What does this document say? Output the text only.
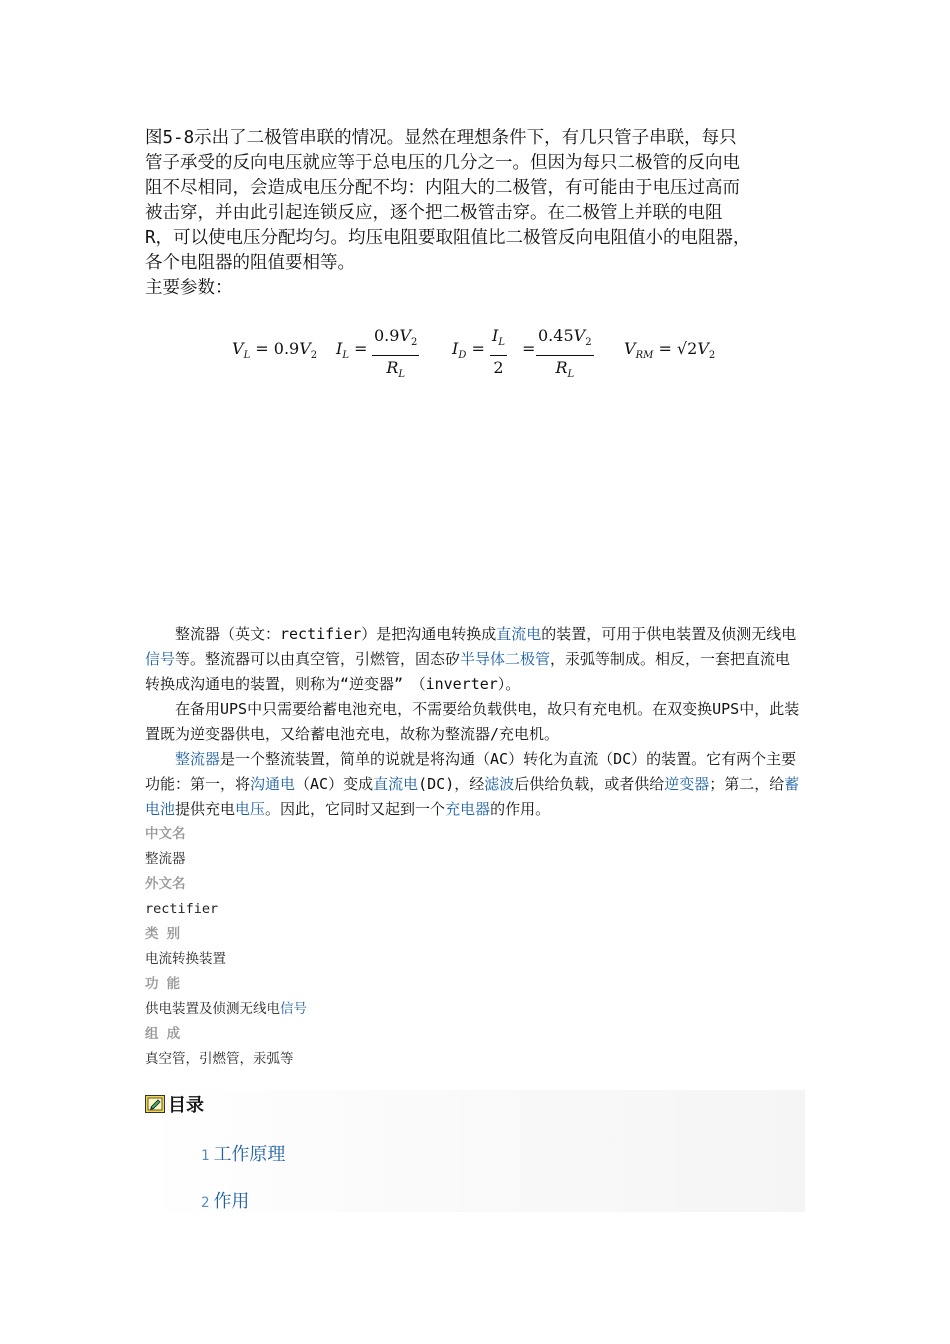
图5-8示出了二极管串联的情况。显然在理想条件下，有几只管子串联，每只

管子承受的反向电压就应等于总电压的几分之一。但因为每只二极管的反向电

阻不尽相同，会造成电压分配不均：内阻大的二极管，有可能由于电压过高而

被击穿，并由此引起连锁反应，逐个把二极管击穿。在二极管上并联的电阻

R，可以使电压分配均匀。均压电阻要取阻值比二极管反向电阻值小的电阻器，

各个电阻器的阻值要相等。

主要参数：

$V_L = 0.9V_2$ $I_L = \frac{0.9V_2}{R_L} I_D = \frac{I_L}{2} = \frac{0.45V_2}{R_L} V_{RM} = √2V_2$

整流器（英文：rectifier）是把沟通电转换成直流电的装置，可用于供电装置及侦测无线电信号等。整流器可以由真空管，引燃管，固态矽半导体二极管，汞弧等制成。相反，一套把直流电转换成沟通电的装置，则称为“逆变器”　（inverter）。

在备用UPS中只需要给蓄电池充电，不需要给负载供电，故只有充电机。在双变换UPS中，此装置既为逆变器供电，又给蓄电池充电，故称为整流器/充电机。

整流器是一个整流装置，简单的说就是将沟通（AC）转化为直流（DC）的装置。它有两个主要功能：第一，将沟通电（AC）变成直流电(DC)，经滤波后供给负载，或者供给逆变器；第二，给蓄电池提供充电电压。因此，它同时又起到一个充电器的作用。

中文名

整流器

外文名

rectifier

类 别

电流转换装置

功 能

供电装置及侦测无线电信号

组 成

真空管，引燃管，汞弧等

目录
1 工作原理
2 作用
